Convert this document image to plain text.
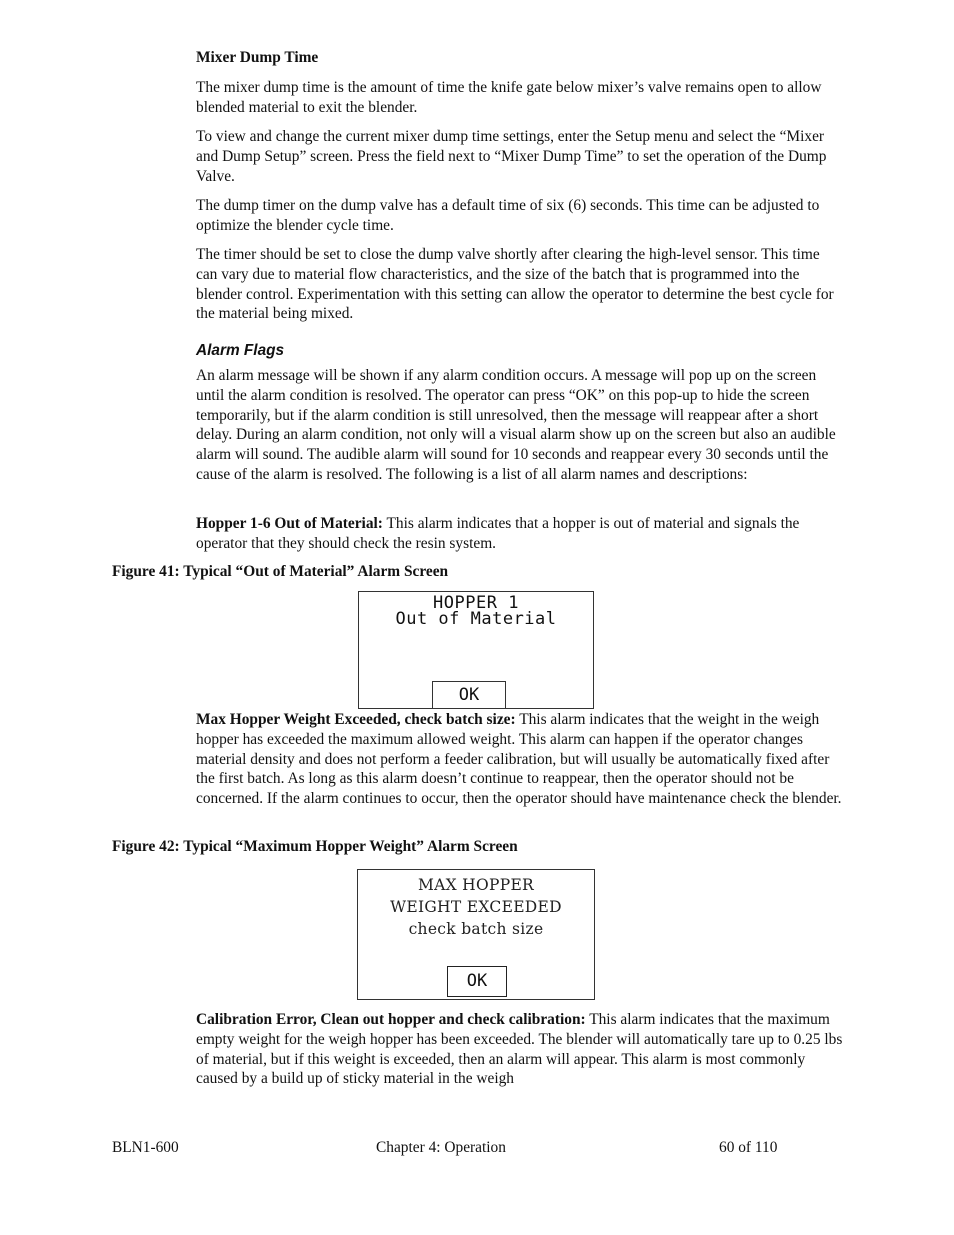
Mixer Dump Time

The mixer dump time is the amount of time the knife gate below mixer’s valve remains open to allow blended material to exit the blender.

To view and change the current mixer dump time settings, enter the Setup menu and select the “Mixer and Dump Setup” screen. Press the field next to “Mixer Dump Time” to set the operation of the Dump Valve.

The dump timer on the dump valve has a default time of six (6) seconds. This time can be adjusted to optimize the blender cycle time.

The timer should be set to close the dump valve shortly after clearing the high-level sensor. This time can vary due to material flow characteristics, and the size of the batch that is programmed into the blender control. Experimentation with this setting can allow the operator to determine the best cycle for the material being mixed.

Alarm Flags

An alarm message will be shown if any alarm condition occurs. A message will pop up on the screen until the alarm condition is resolved. The operator can press “OK” on this pop-up to hide the screen temporarily, but if the alarm condition is still unresolved, then the message will reappear after a short delay. During an alarm condition, not only will a visual alarm show up on the screen but also an audible alarm will sound. The audible alarm will sound for 10 seconds and reappear every 30 seconds until the cause of the alarm is resolved. The following is a list of all alarm names and descriptions:

Hopper 1-6 Out of Material: This alarm indicates that a hopper is out of material and signals the operator that they should check the resin system.

Figure 41: Typical “Out of Material” Alarm Screen
HOPPER 1
Out of Material
OK

Max Hopper Weight Exceeded, check batch size: This alarm indicates that the weight in the weigh hopper has exceeded the maximum allowed weight. This alarm can happen if the operator changes material density and does not perform a feeder calibration, but will usually be automatically fixed after the first batch. As long as this alarm doesn’t continue to reappear, then the operator should not be concerned. If the alarm continues to occur, then the operator should have maintenance check the blender.

Figure 42: Typical “Maximum Hopper Weight” Alarm Screen
MAX HOPPER
WEIGHT EXCEEDED
check batch size
OK

Calibration Error, Clean out hopper and check calibration: This alarm indicates that the maximum empty weight for the weigh hopper has been exceeded. The blender will automatically tare up to 0.25 lbs of material, but if this weight is exceeded, then an alarm will appear. This alarm is most commonly caused by a build up of sticky material in the weigh

BLN1-600	Chapter 4: Operation	60 of 110
